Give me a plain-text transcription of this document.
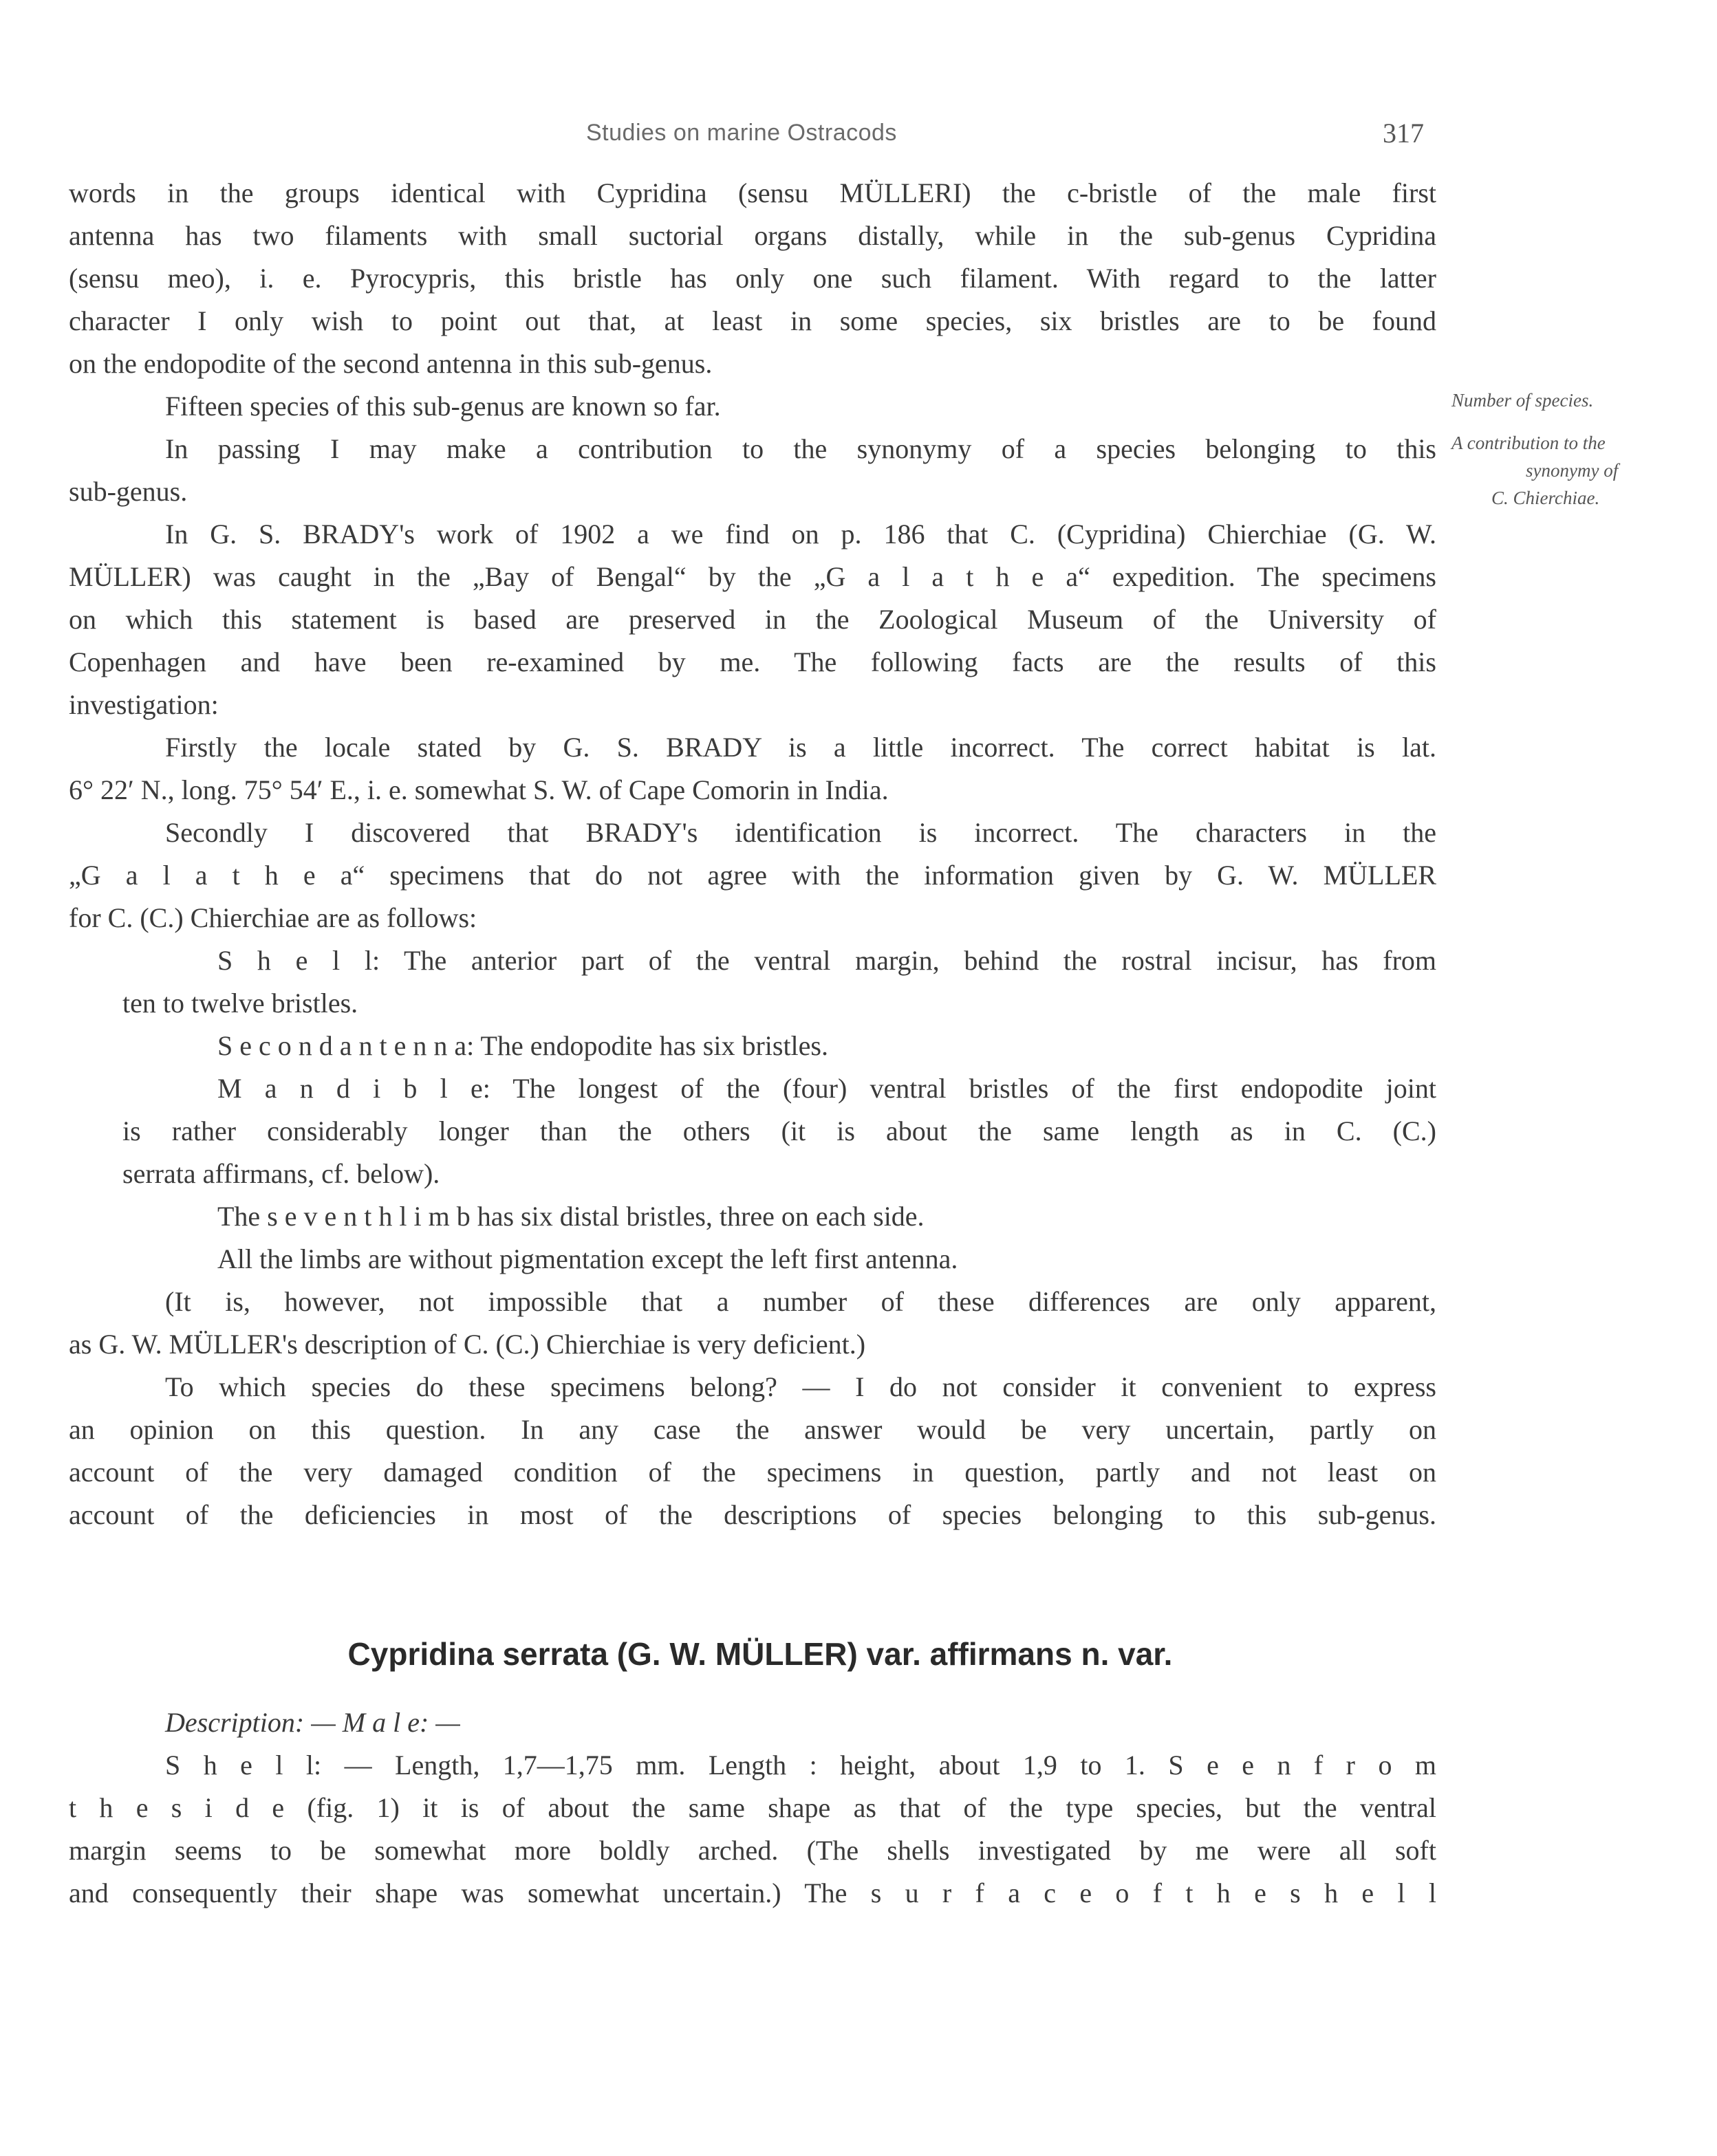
Studies on marine Ostracods	317
words in the groups identical with Cypridina (sensu MÜLLERI) the c-bristle of the male first
antenna has two filaments with small suctorial organs distally, while in the sub-genus Cypridina
(sensu meo), i. e. Pyrocypris, this bristle has only one such filament. With regard to the latter
character I only wish to point out that, at least in some species, six bristles are to be found
on the endopodite of the second antenna in this sub-genus.
Fifteen species of this sub-genus are known so far.
In passing I may make a contribution to the synonymy of a species belonging to this
sub-genus.
In G. S. BRADY's work of 1902 a we find on p. 186 that C. (Cypridina) Chierchiae (G. W.
MÜLLER) was caught in the „Bay of Bengal“ by the „G a l a t h e a“ expedition. The specimens
on which this statement is based are preserved in the Zoological Museum of the University of
Copenhagen and have been re-examined by me. The following facts are the results of this
investigation:
Firstly the locale stated by G. S. BRADY is a little incorrect. The correct habitat is lat.
6° 22′ N., long. 75° 54′ E., i. e. somewhat S. W. of Cape Comorin in India.
Secondly I discovered that BRADY's identification is incorrect. The characters in the
„G a l a t h e a“ specimens that do not agree with the information given by G. W. MÜLLER
for C. (C.) Chierchiae are as follows:
S h e l l: The anterior part of the ventral margin, behind the rostral incisur, has from
ten to twelve bristles.
S e c o n d a n t e n n a: The endopodite has six bristles.
M a n d i b l e: The longest of the (four) ventral bristles of the first endopodite joint
is rather considerably longer than the others (it is about the same length as in C. (C.)
serrata affirmans, cf. below).
The s e v e n t h l i m b has six distal bristles, three on each side.
All the limbs are without pigmentation except the left first antenna.
(It is, however, not impossible that a number of these differences are only apparent,
as G. W. MÜLLER's description of C. (C.) Chierchiae is very deficient.)
To which species do these specimens belong? — I do not consider it convenient to express
an opinion on this question. In any case the answer would be very uncertain, partly on
account of the very damaged condition of the specimens in question, partly and not least on
account of the deficiencies in most of the descriptions of species belonging to this sub-genus.
Number of species.
A contribution to the
synonymy of
C. Chierchiae.
Cypridina serrata (G. W. MÜLLER) var. affirmans n. var.
Description: — M a l e: —
S h e l l: — Length, 1,7—1,75 mm. Length : height, about 1,9 to 1. S e e n f r o m
t h e s i d e (fig. 1) it is of about the same shape as that of the type species, but the ventral
margin seems to be somewhat more boldly arched. (The shells investigated by me were all soft
and consequently their shape was somewhat uncertain.) The s u r f a c e o f t h e s h e l l
